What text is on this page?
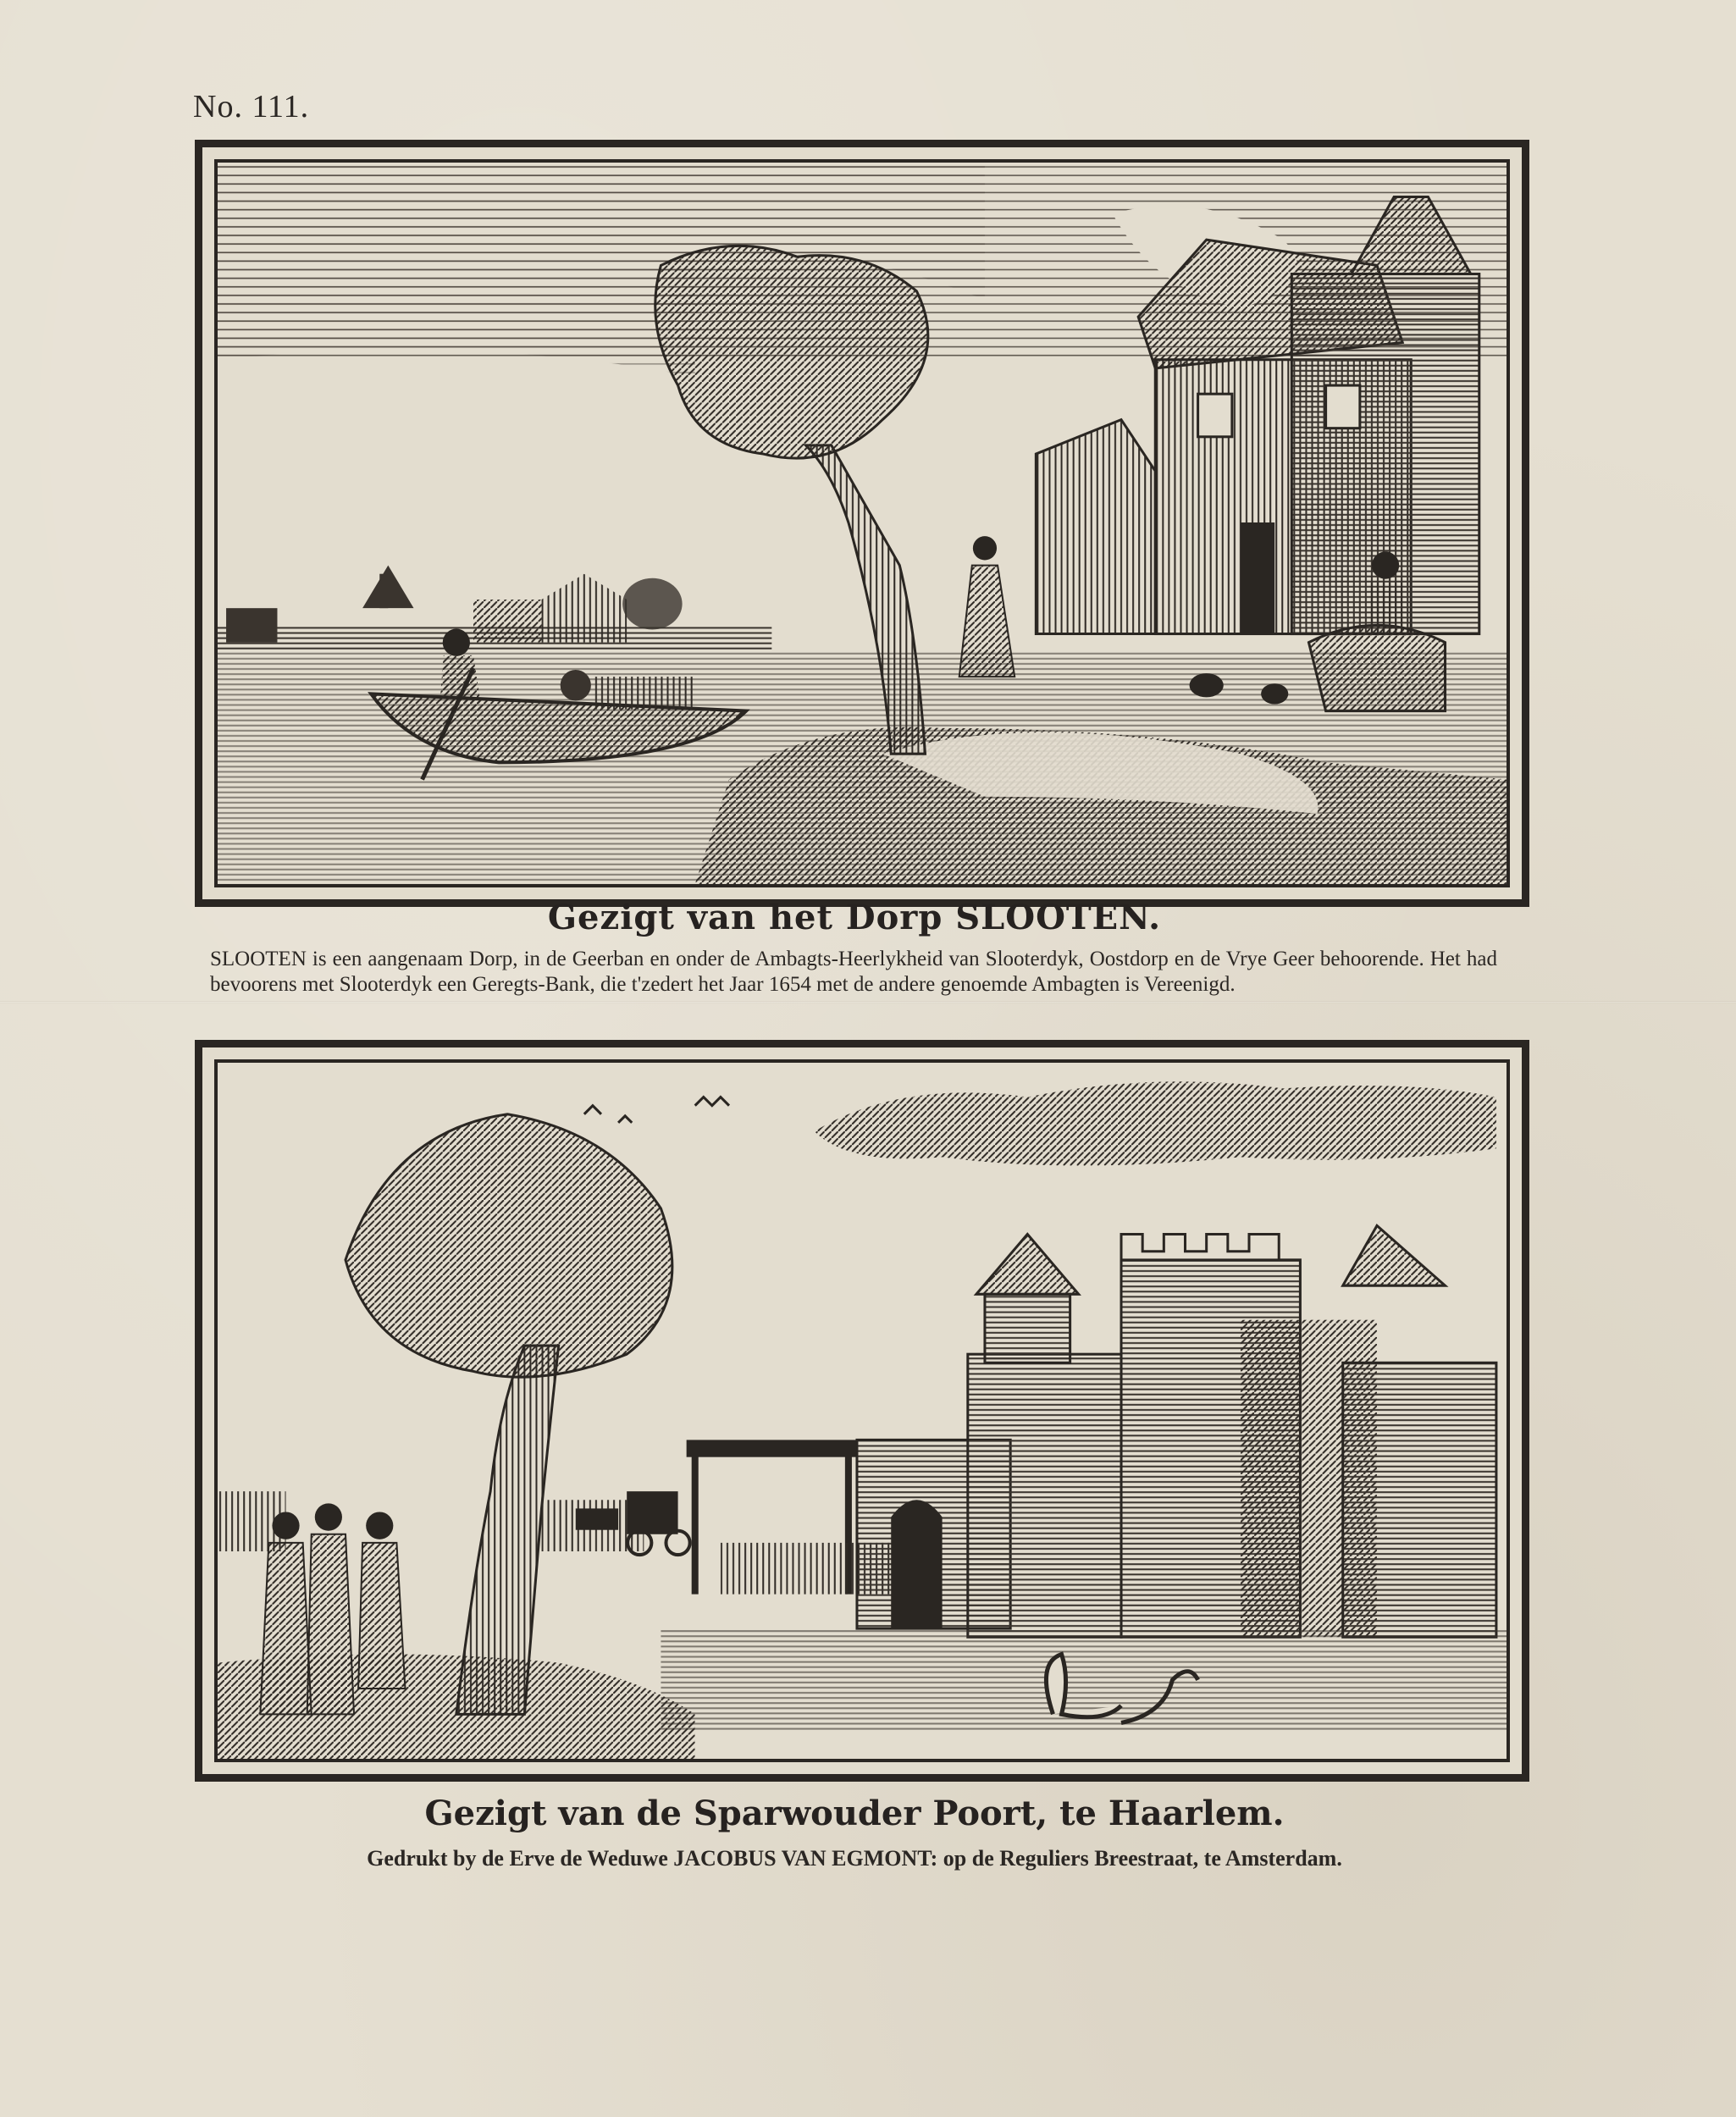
No. 111.
Gezigt van het Dorp SLOOTEN.
SLOOTEN is een aangenaam Dorp, in de Geerban en onder de Ambagts-Heerlykheid van Slooterdyk, Oostdorp en de Vrye Geer behoorende. Het had bevoorens met Slooterdyk een Geregts-Bank, die t'zedert het Jaar 1654 met de andere genoemde Ambagten is Vereenigd.
Gezigt van de Sparwouder Poort, te Haarlem.
Gedrukt by de Erve de Weduwe JACOBUS VAN EGMONT: op de Reguliers Breestraat, te Amsterdam.
